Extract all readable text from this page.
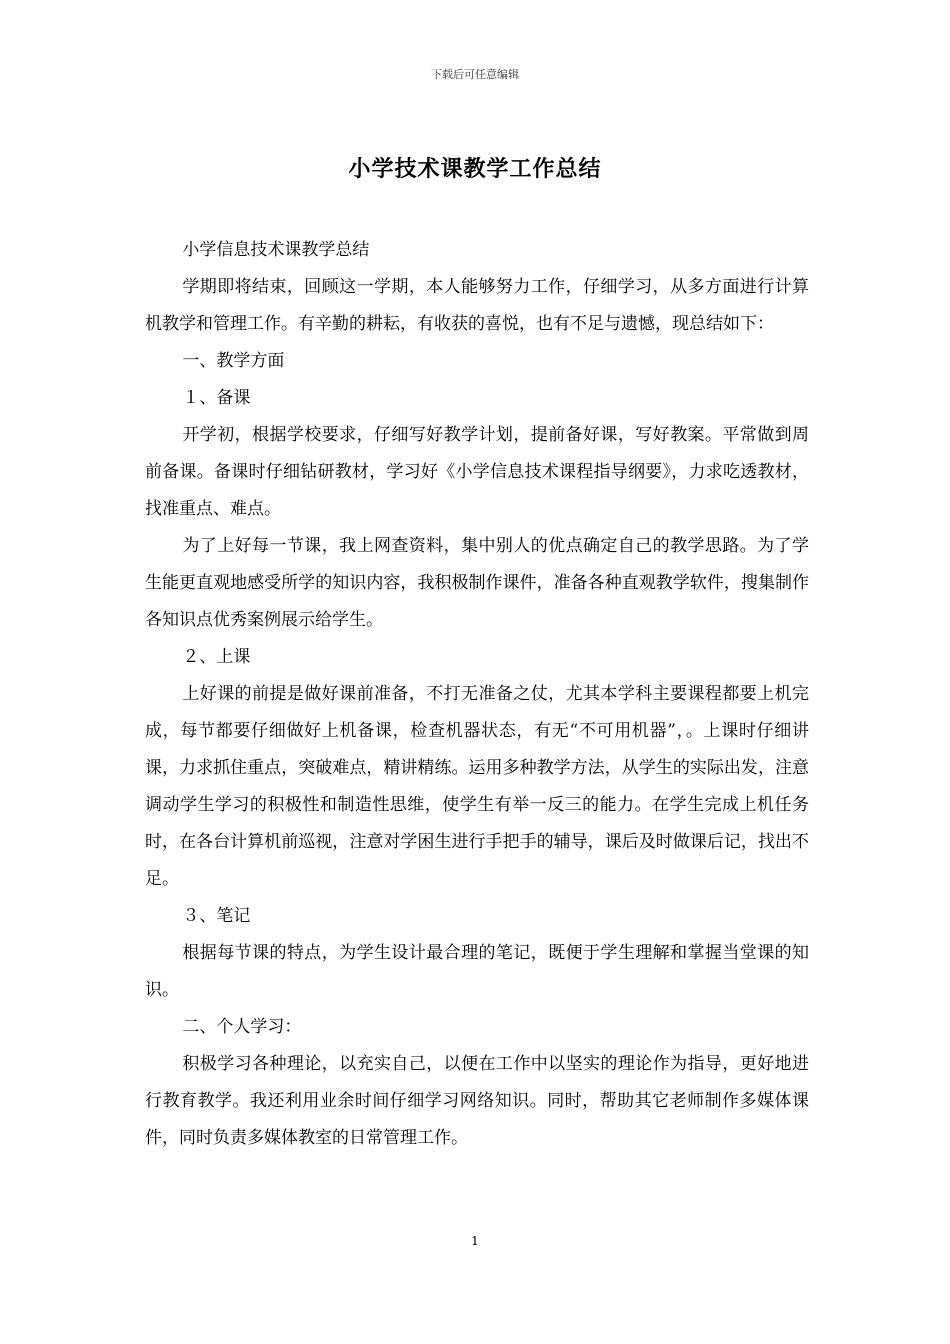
下载后可任意编辑
小学技术课教学工作总结

小学信息技术课教学总结

学期即将结束，回顾这一学期，本人能够努力工作，仔细学习，从多方面进行计算机教学和管理工作。有辛勤的耕耘，有收获的喜悦，也有不足与遗憾，现总结如下：

一、教学方面

１、备课

开学初，根据学校要求，仔细写好教学计划，提前备好课，写好教案。平常做到周前备课。备课时仔细钻研教材，学习好《小学信息技术课程指导纲要》，力求吃透教材，找准重点、难点。

为了上好每一节课，我上网查资料，集中别人的优点确定自己的教学思路。为了学生能更直观地感受所学的知识内容，我积极制作课件，准备各种直观教学软件，搜集制作各知识点优秀案例展示给学生。

２、上课

上好课的前提是做好课前准备，不打无准备之仗，尤其本学科主要课程都要上机完成，每节都要仔细做好上机备课，检查机器状态，有无“不可用机器”，。上课时仔细讲课，力求抓住重点，突破难点，精讲精练。运用多种教学方法，从学生的实际出发，注意调动学生学习的积极性和制造性思维，使学生有举一反三的能力。在学生完成上机任务时，在各台计算机前巡视，注意对学困生进行手把手的辅导，课后及时做课后记，找出不足。

３、笔记

根据每节课的特点，为学生设计最合理的笔记，既便于学生理解和掌握当堂课的知识。

二、个人学习：

积极学习各种理论，以充实自己，以便在工作中以坚实的理论作为指导，更好地进行教育教学。我还利用业余时间仔细学习网络知识。同时，帮助其它老师制作多媒体课件，同时负责多媒体教室的日常管理工作。

1
